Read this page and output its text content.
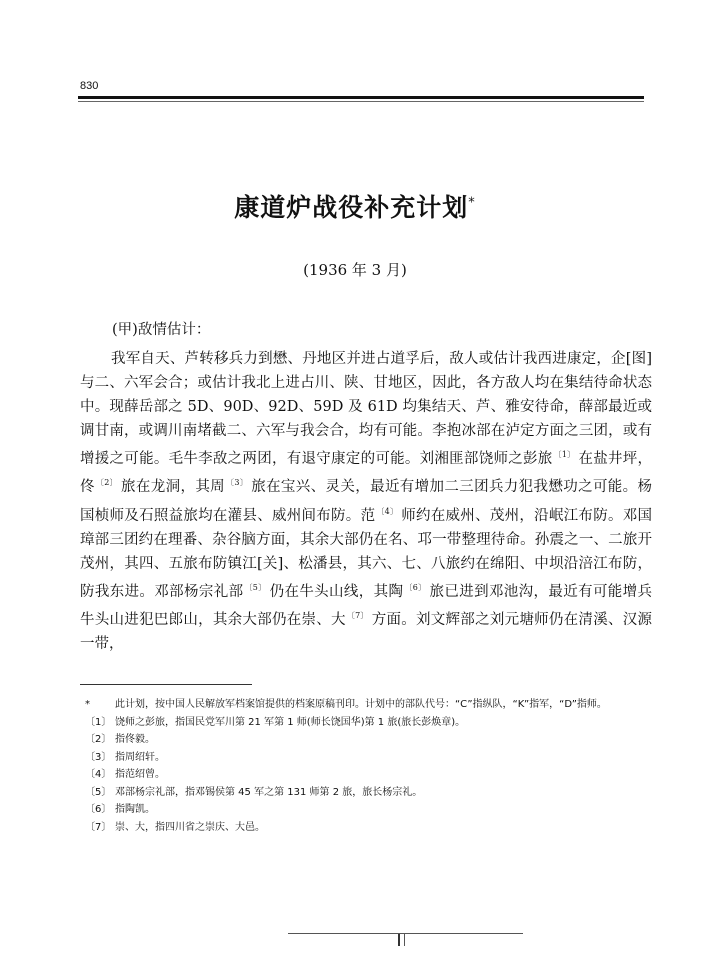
830
康道炉战役补充计划*
(1936 年 3 月)
(甲)敌情估计：

我军自天、芦转移兵力到懋、丹地区并进占道孚后，敌人或估计我西进康定，企[图]与二、六军会合；或估计我北上进占川、陕、甘地区，因此，各方敌人均在集结待命状态中。现薛岳部之 5D、90D、92D、59D 及 61D 均集结天、芦、雅安待命，薛部最近或调甘南，或调川南堵截二、六军与我会合，均有可能。李抱冰部在泸定方面之三团，或有增援之可能。毛牛李敌之两团，有退守康定的可能。刘湘匪部饶师之彭旅$^{〔1〕}$ 在盐井坪，佟$^{〔2〕}$ 旅在龙洞，其周$^{〔3〕}$ 旅在宝兴、灵关，最近有增加二三团兵力犯我懋功之可能。杨国桢师及石照益旅均在灌县、威州间布防。范$^{〔4〕}$ 师约在威州、茂州，沿岷江布防。邓国璋部三团约在理番、杂谷脑方面，其余大部仍在名、邛一带整理待命。孙震之一、二旅开茂州，其四、五旅布防镇江[关]、松潘县，其六、七、八旅约在绵阳、中坝沿涪江布防，防我东进。邓部杨宗礼部$^{〔5〕}$ 仍在牛头山线，其陶$^{〔6〕}$ 旅已进到邓池沟，最近有可能增兵牛头山进犯巴郎山，其余大部仍在崇、大$^{〔7〕}$ 方面。刘文辉部之刘元塘师仍在清溪、汉源一带，

*	此计划，按中国人民解放军档案馆提供的档案原稿刊印。计划中的部队代号：“C”指纵队，“K”指军，“D”指师。
〔1〕 饶师之彭旅，指国民党军川第 21 军第 1 师(师长饶国华)第 1 旅(旅长彭焕章)。
〔2〕 指佟毅。
〔3〕 指周绍轩。
〔4〕 指范绍曾。
〔5〕 邓部杨宗礼部，指邓锡侯第 45 军之第 131 师第 2 旅，旅长杨宗礼。
〔6〕 指陶凯。
〔7〕 崇、大，指四川省之崇庆、大邑。
